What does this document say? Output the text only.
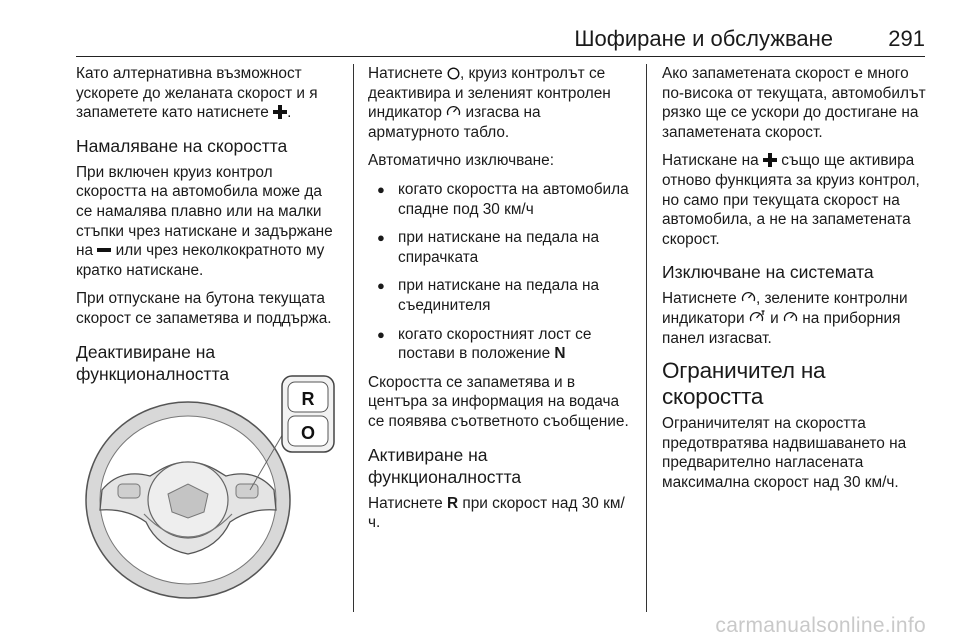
Шофиране и обслужване	291

Като алтернативна възможност ускорете до желаната скорост и я запаметете като натиснете .

Намаляване на скоростта

При включен круиз контрол скоростта на автомобила може да се намалява плавно или на малки стъпки чрез натискане и задържане на или чрез неколкократното му кратко натискане.

При отпускане на бутона текущата скорост се запаметява и поддържа.

Деактивиране на функционалността
R
O

Натиснете , круиз контролът се деактивира и зеленият контролен индикатор изгасва на арматурното табло.

Автоматично изключване:

● когато скоростта на автомобила спадне под 30 км/ч
● при натискане на педала на спирачката
● при натискане на педала на съединителя
● когато скоростният лост се постави в положение N

Скоростта се запаметява и в центъра за информация на водача се появява съответното съобщение.

Активиране на функционалността

Натиснете R при скорост над 30 км/ч.

Ако запаметената скорост е много по-висока от текущата, автомобилът рязко ще се ускори до достигане на запаметената скорост.

Натискане на също ще активира отново функцията за круиз контрол, но само при текущата скорост на автомобила, а не на запаметената скорост.

Изключване на системата

Натиснете , зелените контролни индикатори и на приборния панел изгасват.

Ограничител на скоростта

Ограничителят на скоростта предотвратява надвишаването на предварително нагласената максимална скорост над 30 км/ч.

carmanualsonline.info
